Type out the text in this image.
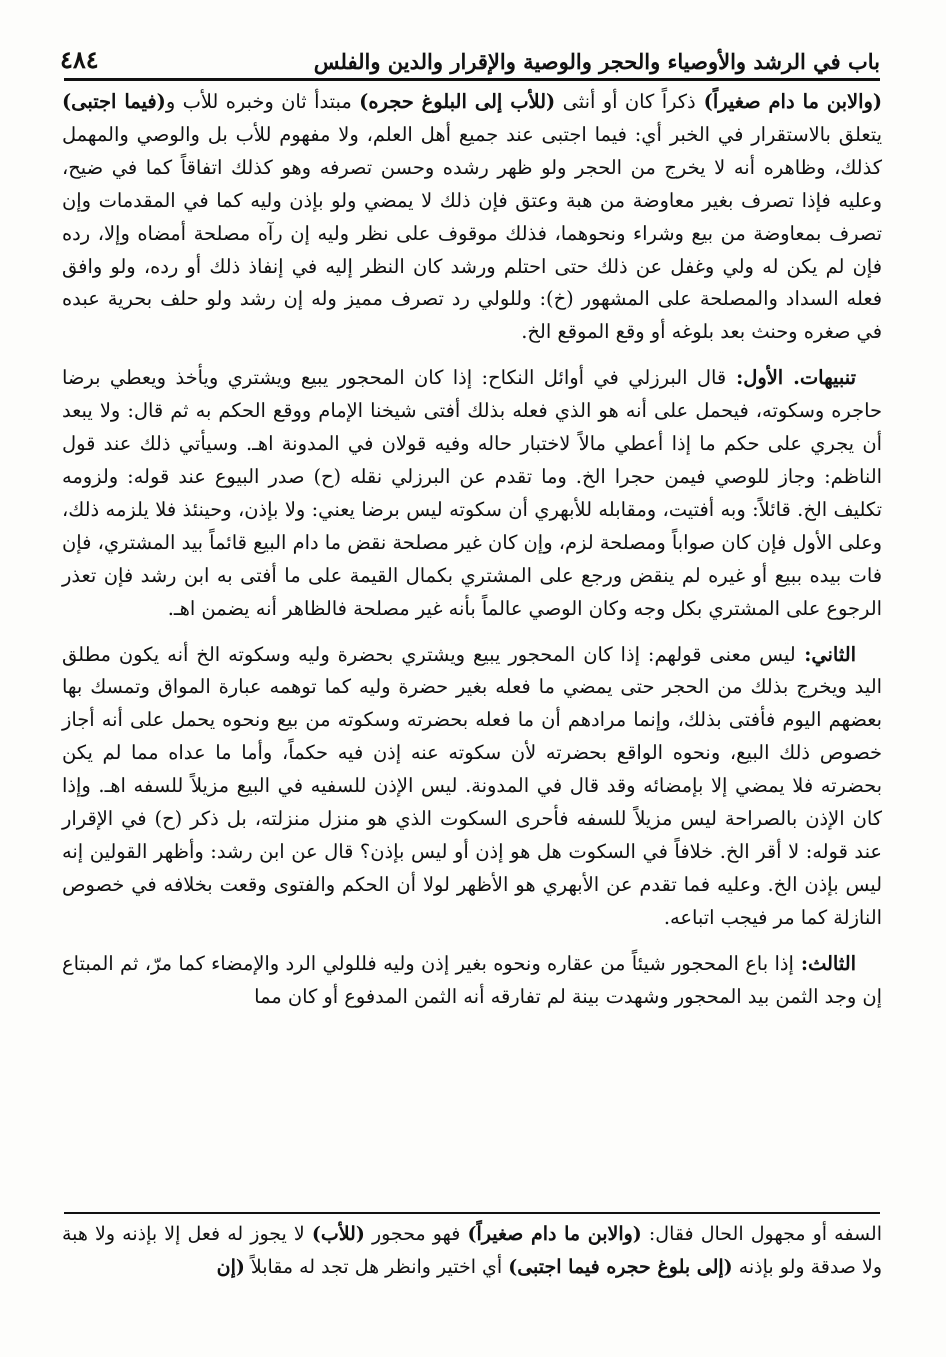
باب في الرشد والأوصياء والحجر والوصية والإقرار والدين والفلس
٤٨٤

(والابن ما دام صغيراً) ذكراً كان أو أنثى (للأب إلى البلوغ حجره) مبتدأ ثان وخبره للأب و(فيما اجتبى) يتعلق بالاستقرار في الخبر أي: فيما اجتبى عند جميع أهل العلم، ولا مفهوم للأب بل والوصي والمهمل كذلك، وظاهره أنه لا يخرج من الحجر ولو ظهر رشده وحسن تصرفه وهو كذلك اتفاقاً كما في ضيح، وعليه فإذا تصرف بغير معاوضة من هبة وعتق فإن ذلك لا يمضي ولو بإذن وليه كما في المقدمات وإن تصرف بمعاوضة من بيع وشراء ونحوهما، فذلك موقوف على نظر وليه إن رآه مصلحة أمضاه وإلا، رده فإن لم يكن له ولي وغفل عن ذلك حتى احتلم ورشد كان النظر إليه في إنفاذ ذلك أو رده، ولو وافق فعله السداد والمصلحة على المشهور (خ): وللولي رد تصرف مميز وله إن رشد ولو حلف بحرية عبده في صغره وحنث بعد بلوغه أو وقع الموقع الخ.

تنبيهات. الأول: قال البرزلي في أوائل النكاح: إذا كان المحجور يبيع ويشتري ويأخذ ويعطي برضا حاجره وسكوته، فيحمل على أنه هو الذي فعله بذلك أفتى شيخنا الإمام ووقع الحكم به ثم قال: ولا يبعد أن يجري على حكم ما إذا أعطي مالاً لاختبار حاله وفيه قولان في المدونة اهـ. وسيأتي ذلك عند قول الناظم: وجاز للوصي فيمن حجرا الخ. وما تقدم عن البرزلي نقله (ح) صدر البيوع عند قوله: ولزومه تكليف الخ. قائلاً: وبه أفتيت، ومقابله للأبهري أن سكوته ليس برضا يعني: ولا بإذن، وحينئذ فلا يلزمه ذلك، وعلى الأول فإن كان صواباً ومصلحة لزم، وإن كان غير مصلحة نقض ما دام البيع قائماً بيد المشتري، فإن فات بيده ببيع أو غيره لم ينقض ورجع على المشتري بكمال القيمة على ما أفتى به ابن رشد فإن تعذر الرجوع على المشتري بكل وجه وكان الوصي عالماً بأنه غير مصلحة فالظاهر أنه يضمن اهـ.

الثاني: ليس معنى قولهم: إذا كان المحجور يبيع ويشتري بحضرة وليه وسكوته الخ أنه يكون مطلق اليد ويخرج بذلك من الحجر حتى يمضي ما فعله بغير حضرة وليه كما توهمه عبارة المواق وتمسك بها بعضهم اليوم فأفتى بذلك، وإنما مرادهم أن ما فعله بحضرته وسكوته من بيع ونحوه يحمل على أنه أجاز خصوص ذلك البيع، ونحوه الواقع بحضرته لأن سكوته عنه إذن فيه حكماً، وأما ما عداه مما لم يكن بحضرته فلا يمضي إلا بإمضائه وقد قال في المدونة. ليس الإذن للسفيه في البيع مزيلاً للسفه اهـ. وإذا كان الإذن بالصراحة ليس مزيلاً للسفه فأحرى السكوت الذي هو منزل منزلته، بل ذكر (ح) في الإقرار عند قوله: لا أقر الخ. خلافاً في السكوت هل هو إذن أو ليس بإذن؟ قال عن ابن رشد: وأظهر القولين إنه ليس بإذن الخ. وعليه فما تقدم عن الأبهري هو الأظهر لولا أن الحكم والفتوى وقعت بخلافه في خصوص النازلة كما مر فيجب اتباعه.

الثالث: إذا باع المحجور شيئاً من عقاره ونحوه بغير إذن وليه فللولي الرد والإمضاء كما مرّ، ثم المبتاع إن وجد الثمن بيد المحجور وشهدت بينة لم تفارقه أنه الثمن المدفوع أو كان مما

السفه أو مجهول الحال فقال: (والابن ما دام صغيراً) فهو محجور (للأب) لا يجوز له فعل إلا بإذنه ولا هبة ولا صدقة ولو بإذنه (إلى بلوغ حجره فيما اجتبى) أي اختير وانظر هل تجد له مقابلاً (إن
